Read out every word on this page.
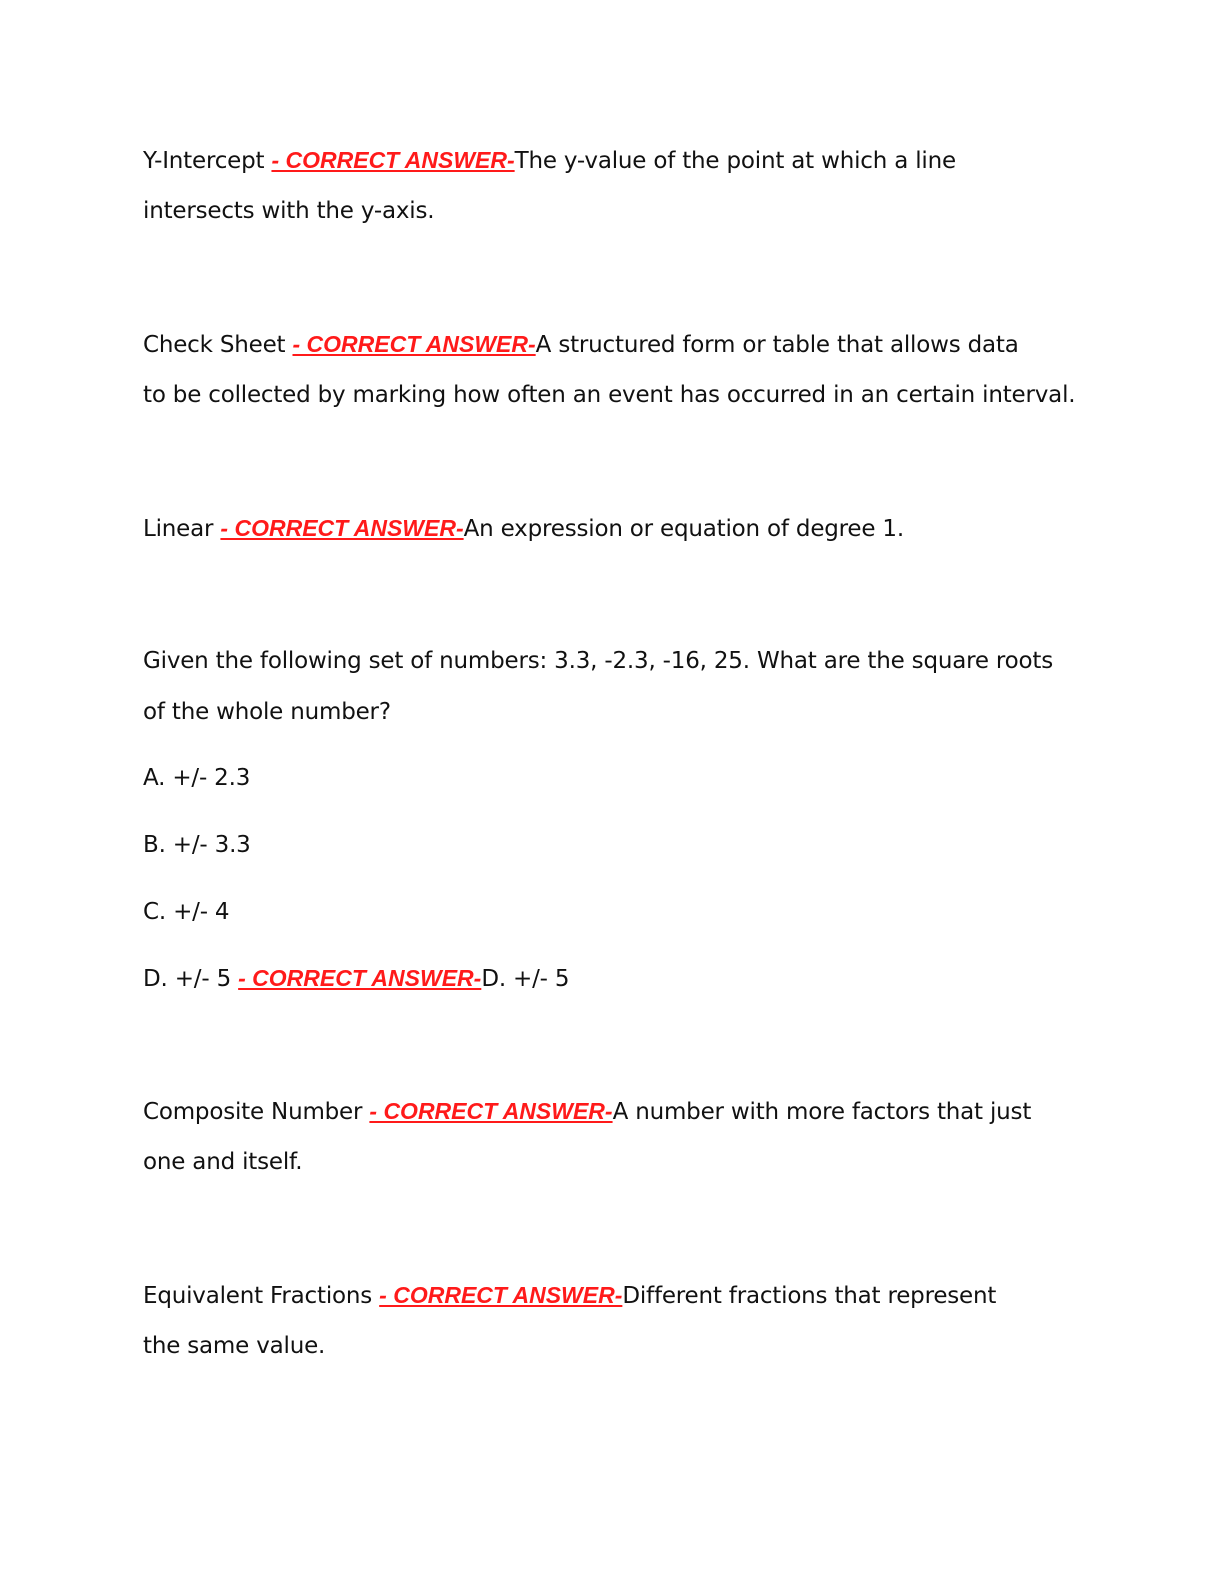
Y-Intercept - CORRECT ANSWER-The y-value of the point at which a line
intersects with the y-axis.
Check Sheet - CORRECT ANSWER-A structured form or table that allows data
to be collected by marking how often an event has occurred in an certain interval.
Linear - CORRECT ANSWER-An expression or equation of degree 1.
Given the following set of numbers: 3.3, -2.3, -16, 25. What are the square roots
of the whole number?
A. +/- 2.3
B. +/- 3.3
C. +/- 4
D. +/- 5 - CORRECT ANSWER-D. +/- 5
Composite Number - CORRECT ANSWER-A number with more factors that just
one and itself.
Equivalent Fractions - CORRECT ANSWER-Different fractions that represent
the same value.
